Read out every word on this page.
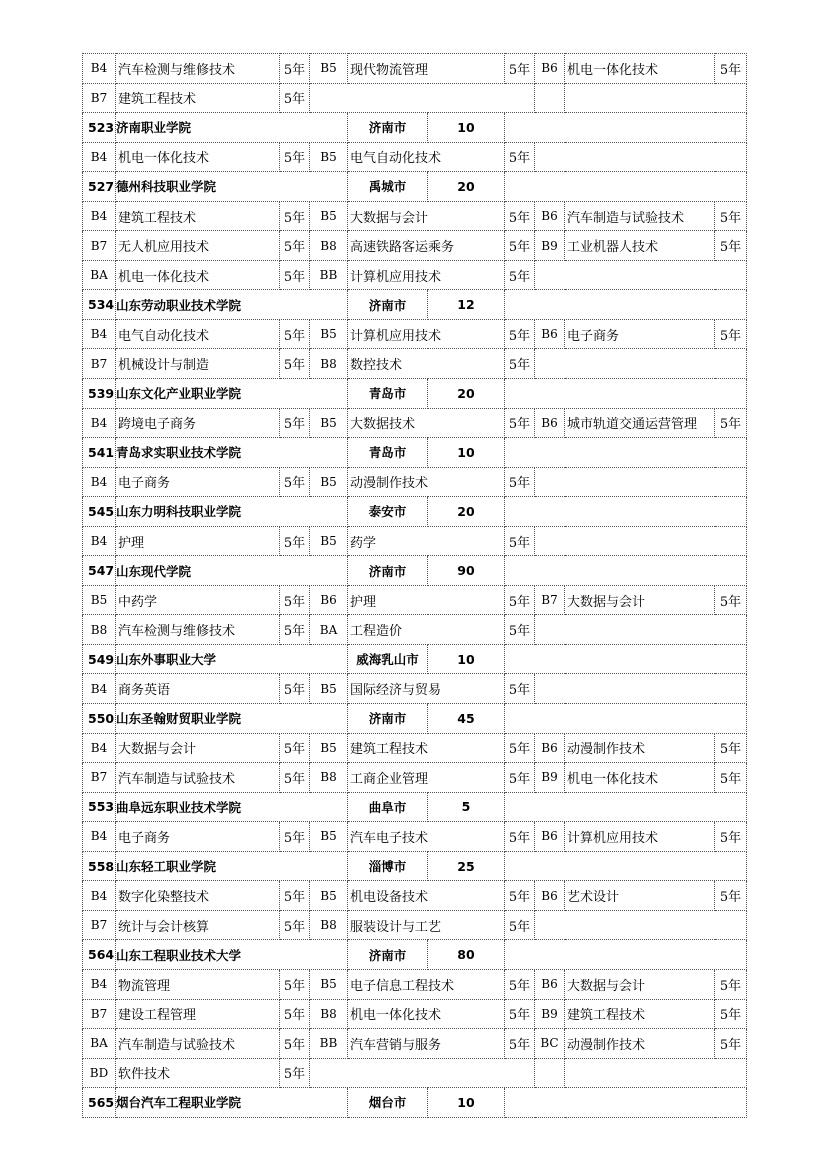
B4	汽车检测与维修技术	5年	B5	现代物流管理		5年	B6	机电一体化技术	5年
B7	建筑工程技术	5年							
523	济南职业学院			济南市	10				
B4	机电一体化技术	5年	B5	电气自动化技术		5年			
527	德州科技职业学院			禹城市	20				
B4	建筑工程技术	5年	B5	大数据与会计		5年	B6	汽车制造与试验技术	5年
B7	无人机应用技术	5年	B8	高速铁路客运乘务		5年	B9	工业机器人技术	5年
BA	机电一体化技术	5年	BB	计算机应用技术		5年			
534	山东劳动职业技术学院			济南市	12				
B4	电气自动化技术	5年	B5	计算机应用技术		5年	B6	电子商务	5年
B7	机械设计与制造	5年	B8	数控技术		5年			
539	山东文化产业职业学院			青岛市	20				
B4	跨境电子商务	5年	B5	大数据技术		5年	B6	城市轨道交通运营管理	5年
541	青岛求实职业技术学院			青岛市	10				
B4	电子商务	5年	B5	动漫制作技术		5年			
545	山东力明科技职业学院			泰安市	20				
B4	护理	5年	B5	药学		5年			
547	山东现代学院			济南市	90				
B5	中药学	5年	B6	护理		5年	B7	大数据与会计	5年
B8	汽车检测与维修技术	5年	BA	工程造价		5年			
549	山东外事职业大学			威海乳山市	10				
B4	商务英语	5年	B5	国际经济与贸易		5年			
550	山东圣翰财贸职业学院			济南市	45				
B4	大数据与会计	5年	B5	建筑工程技术		5年	B6	动漫制作技术	5年
B7	汽车制造与试验技术	5年	B8	工商企业管理		5年	B9	机电一体化技术	5年
553	曲阜远东职业技术学院			曲阜市	5				
B4	电子商务	5年	B5	汽车电子技术		5年	B6	计算机应用技术	5年
558	山东轻工职业学院			淄博市	25				
B4	数字化染整技术	5年	B5	机电设备技术		5年	B6	艺术设计	5年
B7	统计与会计核算	5年	B8	服装设计与工艺		5年			
564	山东工程职业技术大学			济南市	80				
B4	物流管理	5年	B5	电子信息工程技术		5年	B6	大数据与会计	5年
B7	建设工程管理	5年	B8	机电一体化技术		5年	B9	建筑工程技术	5年
BA	汽车制造与试验技术	5年	BB	汽车营销与服务		5年	BC	动漫制作技术	5年
BD	软件技术	5年							
565	烟台汽车工程职业学院			烟台市	10				
